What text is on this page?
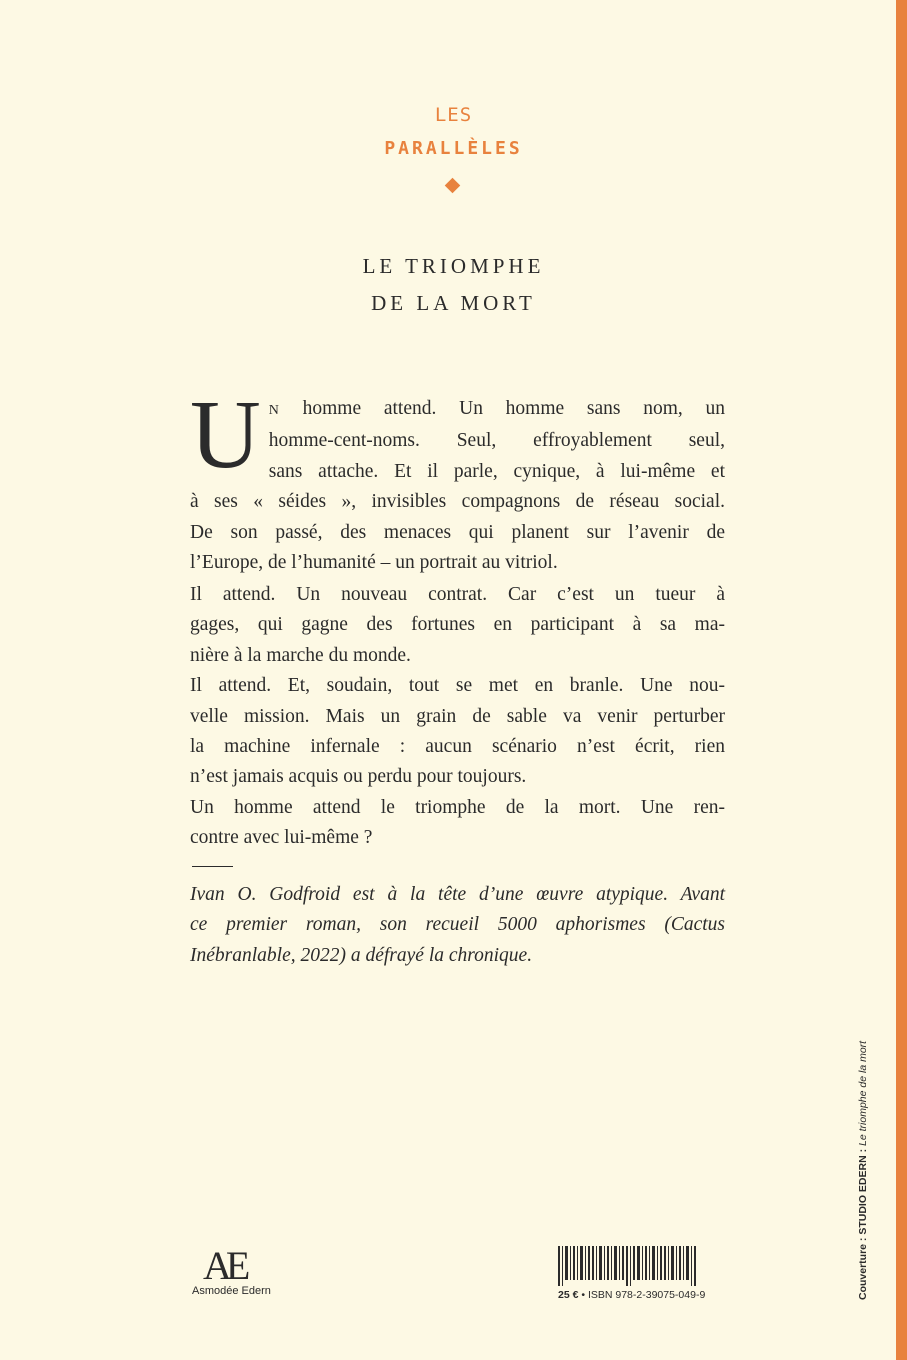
LES
PARALLÈLES
LE TRIOMPHE
DE LA MORT
U N homme attend. Un homme sans nom, un
homme-cent-noms. Seul, effroyablement seul,
sans attache. Et il parle, cynique, à lui-même et
à ses « séides », invisibles compagnons de réseau social.
De son passé, des menaces qui planent sur l’avenir de
l’Europe, de l’humanité – un portrait au vitriol.
Il attend. Un nouveau contrat. Car c’est un tueur à
gages, qui gagne des fortunes en participant à sa ma-
nière à la marche du monde.
Il attend. Et, soudain, tout se met en branle. Une nou-
velle mission. Mais un grain de sable va venir perturber
la machine infernale : aucun scénario n’est écrit, rien
n’est jamais acquis ou perdu pour toujours.
Un homme attend le triomphe de la mort. Une ren-
contre avec lui-même ?
Ivan O. Godfroid est à la tête d’une œuvre atypique. Avant
ce premier roman, son recueil 5000 aphorismes (Cactus
Inébranlable, 2022) a défrayé la chronique.
Couverture : STUDIO EDERN : Le triomphe de la mort
AE
Asmodée Edern	25 € • ISBN 978-2-39075-049-9
